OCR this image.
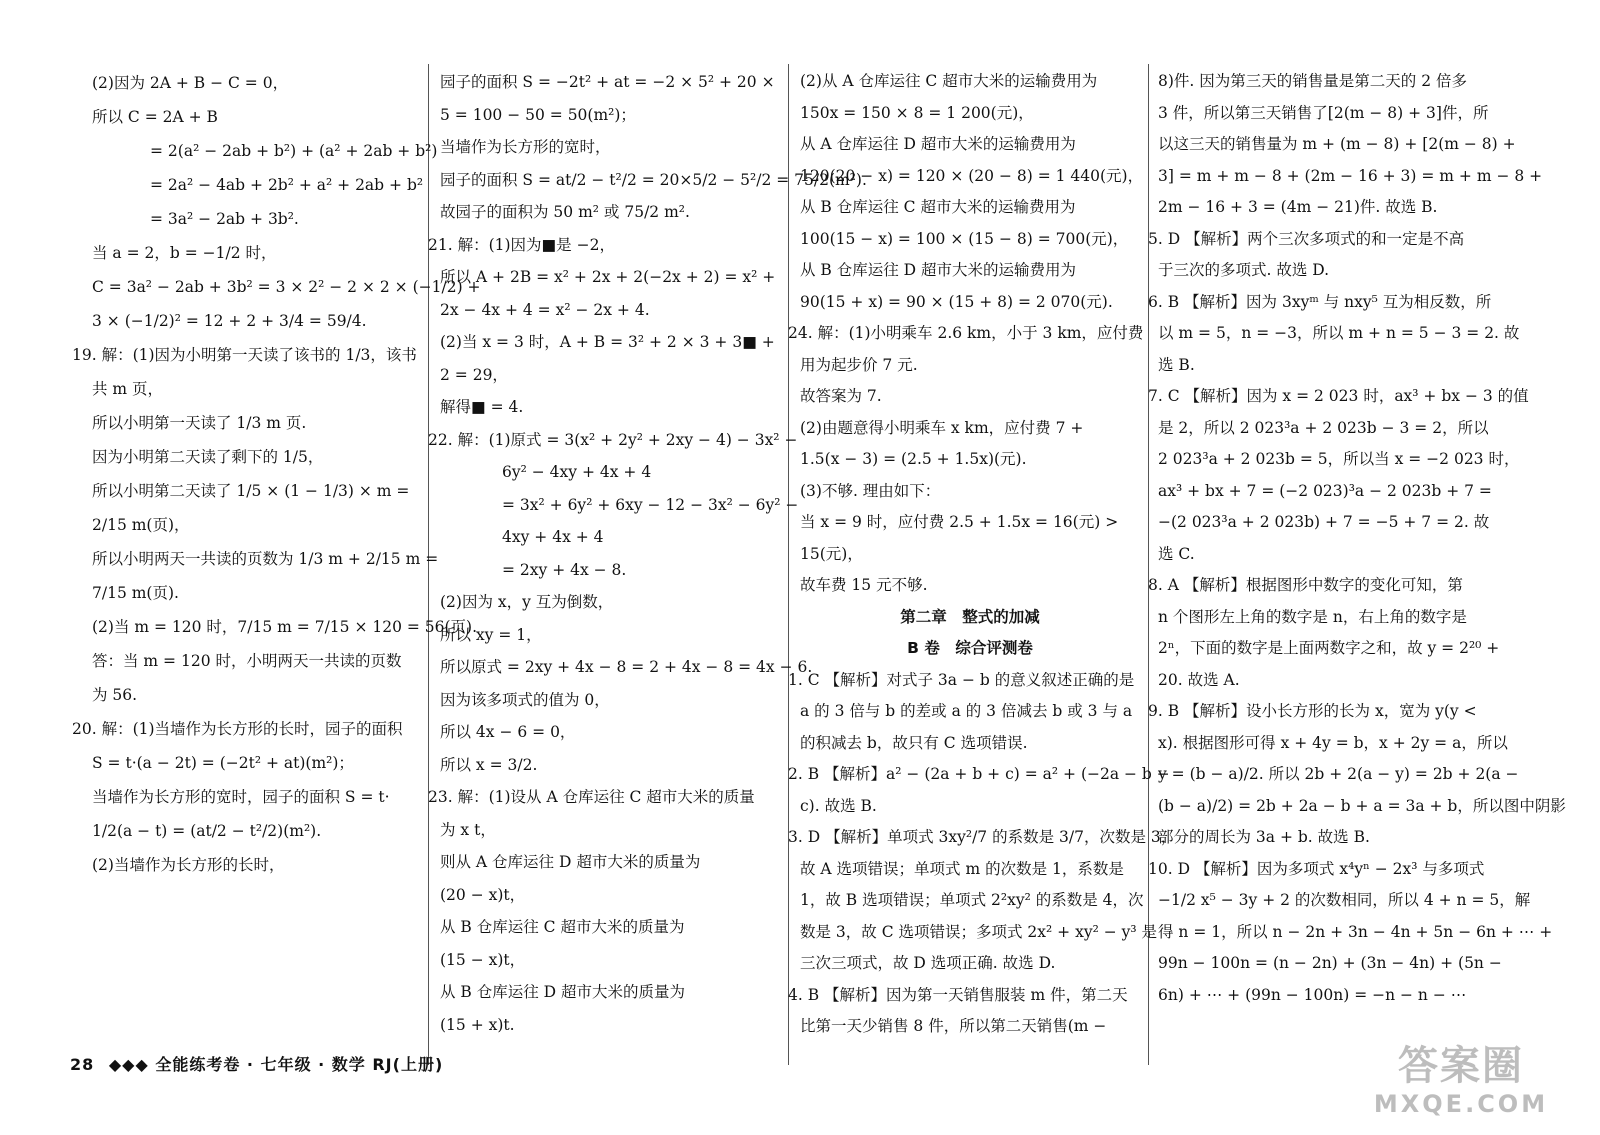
(2)因为 2A + B − C = 0，
所以 C = 2A + B
= 2(a² − 2ab + b²) + (a² + 2ab + b²)
= 2a² − 4ab + 2b² + a² + 2ab + b²
= 3a² − 2ab + 3b².
当 a = 2，b = −1/2 时，
C = 3a² − 2ab + 3b² = 3 × 2² − 2 × 2 × (−1/2) +
3 × (−1/2)² = 12 + 2 + 3/4 = 59/4.
19. 解：(1)因为小明第一天读了该书的 1/3，该书
共 m 页，
所以小明第一天读了 1/3 m 页.
因为小明第二天读了剩下的 1/5，
所以小明第二天读了 1/5 × (1 − 1/3) × m =
2/15 m(页)，
所以小明两天一共读的页数为 1/3 m + 2/15 m =
7/15 m(页).
(2)当 m = 120 时，7/15 m = 7/15 × 120 = 56(页).
答：当 m = 120 时，小明两天一共读的页数
为 56.
20. 解：(1)当墙作为长方形的长时，园子的面积
S = t·(a − 2t) = (−2t² + at)(m²)；
当墙作为长方形的宽时，园子的面积 S = t·
1/2(a − t) = (at/2 − t²/2)(m²).
(2)当墙作为长方形的长时，
园子的面积 S = −2t² + at = −2 × 5² + 20 ×
5 = 100 − 50 = 50(m²)；
当墙作为长方形的宽时，
园子的面积 S = at/2 − t²/2 = 20×5/2 − 5²/2 = 75/2(m²).
故园子的面积为 50 m² 或 75/2 m².
21. 解：(1)因为■是 −2，
所以 A + 2B = x² + 2x + 2(−2x + 2) = x² +
2x − 4x + 4 = x² − 2x + 4.
(2)当 x = 3 时，A + B = 3² + 2 × 3 + 3■ +
2 = 29，
解得■ = 4.
22. 解：(1)原式 = 3(x² + 2y² + 2xy − 4) − 3x² −
6y² − 4xy + 4x + 4
= 3x² + 6y² + 6xy − 12 − 3x² − 6y² −
4xy + 4x + 4
= 2xy + 4x − 8.
(2)因为 x，y 互为倒数，
所以 xy = 1，
所以原式 = 2xy + 4x − 8 = 2 + 4x − 8 = 4x − 6.
因为该多项式的值为 0，
所以 4x − 6 = 0，
所以 x = 3/2.
23. 解：(1)设从 A 仓库运往 C 超市大米的质量
为 x t，
则从 A 仓库运往 D 超市大米的质量为
(20 − x)t，
从 B 仓库运往 C 超市大米的质量为
(15 − x)t，
从 B 仓库运往 D 超市大米的质量为
(15 + x)t.
(2)从 A 仓库运往 C 超市大米的运输费用为
150x = 150 × 8 = 1 200(元)，
从 A 仓库运往 D 超市大米的运输费用为
120(20 − x) = 120 × (20 − 8) = 1 440(元)，
从 B 仓库运往 C 超市大米的运输费用为
100(15 − x) = 100 × (15 − 8) = 700(元)，
从 B 仓库运往 D 超市大米的运输费用为
90(15 + x) = 90 × (15 + 8) = 2 070(元).
24. 解：(1)小明乘车 2.6 km，小于 3 km，应付费
用为起步价 7 元.
故答案为 7.
(2)由题意得小明乘车 x km，应付费 7 +
1.5(x − 3) = (2.5 + 1.5x)(元).
(3)不够. 理由如下：
当 x = 9 时，应付费 2.5 + 1.5x = 16(元) >
15(元)，
故车费 15 元不够.
第二章　整式的加减
B 卷　综合评测卷
1. C 【解析】对式子 3a − b 的意义叙述正确的是
a 的 3 倍与 b 的差或 a 的 3 倍减去 b 或 3 与 a
的积减去 b，故只有 C 选项错误.
2. B 【解析】a² − (2a + b + c) = a² + (−2a − b −
c). 故选 B.
3. D 【解析】单项式 3xy²/7 的系数是 3/7，次数是 3，
故 A 选项错误；单项式 m 的次数是 1，系数是
1，故 B 选项错误；单项式 2²xy² 的系数是 4，次
数是 3，故 C 选项错误；多项式 2x² + xy² − y³ 是
三次三项式，故 D 选项正确. 故选 D.
4. B 【解析】因为第一天销售服装 m 件，第二天
比第一天少销售 8 件，所以第二天销售(m −
8)件. 因为第三天的销售量是第二天的 2 倍多
3 件，所以第三天销售了[2(m − 8) + 3]件，所
以这三天的销售量为 m + (m − 8) + [2(m − 8) +
3] = m + m − 8 + (2m − 16 + 3) = m + m − 8 +
2m − 16 + 3 = (4m − 21)件. 故选 B.
5. D 【解析】两个三次多项式的和一定是不高
于三次的多项式. 故选 D.
6. B 【解析】因为 3xyᵐ 与 nxy⁵ 互为相反数，所
以 m = 5，n = −3，所以 m + n = 5 − 3 = 2. 故
选 B.
7. C 【解析】因为 x = 2 023 时，ax³ + bx − 3 的值
是 2，所以 2 023³a + 2 023b − 3 = 2，所以
2 023³a + 2 023b = 5，所以当 x = −2 023 时，
ax³ + bx + 7 = (−2 023)³a − 2 023b + 7 =
−(2 023³a + 2 023b) + 7 = −5 + 7 = 2. 故
选 C.
8. A 【解析】根据图形中数字的变化可知，第
n 个图形左上角的数字是 n，右上角的数字是
2ⁿ，下面的数字是上面两数字之和，故 y = 2²⁰ +
20. 故选 A.
9. B 【解析】设小长方形的长为 x，宽为 y(y <
x). 根据图形可得 x + 4y = b，x + 2y = a，所以
y = (b − a)/2. 所以 2b + 2(a − y) = 2b + 2(a −
(b − a)/2) = 2b + 2a − b + a = 3a + b，所以图中阴影
部分的周长为 3a + b. 故选 B.
10. D 【解析】因为多项式 x⁴yⁿ − 2x³ 与多项式
−1/2 x⁵ − 3y + 2 的次数相同，所以 4 + n = 5，解
得 n = 1，所以 n − 2n + 3n − 4n + 5n − 6n + ⋯ +
99n − 100n = (n − 2n) + (3n − 4n) + (5n −
6n) + ⋯ + (99n − 100n) = −n − n − ⋯
28 ◆◆◆ 全能练考卷 · 七年级 · 数学 RJ(上册)	答案圈
MXQE.COM
